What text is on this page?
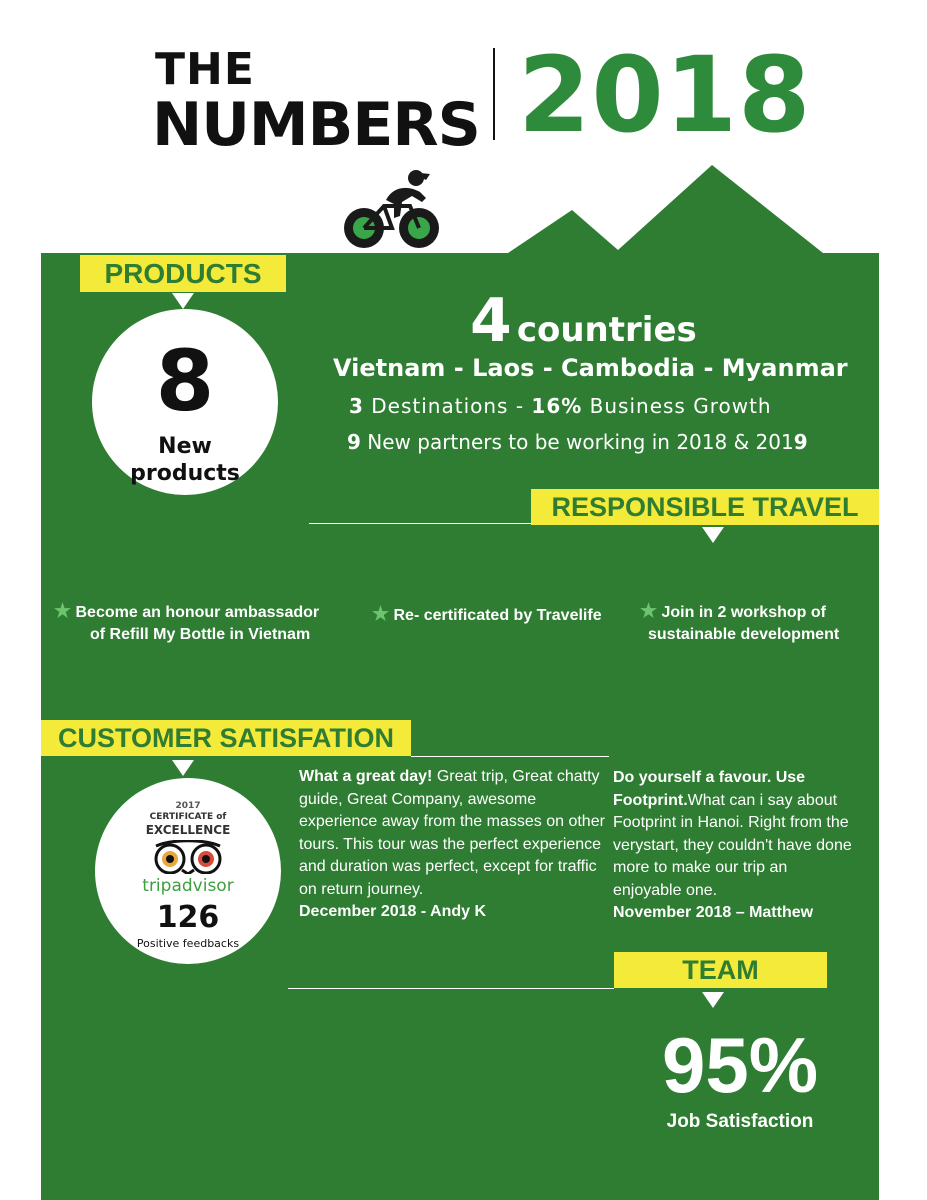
THE
NUMBERS 2018
PRODUCTS
8
New
products
4 countries
Vietnam - Laos - Cambodia - Myanmar
3 Destinations - 16% Business Growth
9 New partners to be working in 2018 & 2019
RESPONSIBLE TRAVEL
★ Become an honour ambassador
of Refill My Bottle in Vietnam
★ Re- certificated by Travelife	★ Join in 2 workshop of
sustainable development
CUSTOMER SATISFATION
2017
CERTIFICATE of
EXCELLENCE
tripadvisor
126
Positive feedbacks
What a great day! Great trip, Great chatty guide, Great Company, awesome experience away from the masses on other tours. This tour was the perfect experience and duration was perfect, except for traffic on return journey.
December 2018 - Andy K
Do yourself a favour. Use Footprint.What can i say about Footprint in Hanoi. Right from the verystart, they couldn't have done more to make our trip an enjoyable one.
November 2018 – Matthew
TEAM
95%
Job Satisfaction
